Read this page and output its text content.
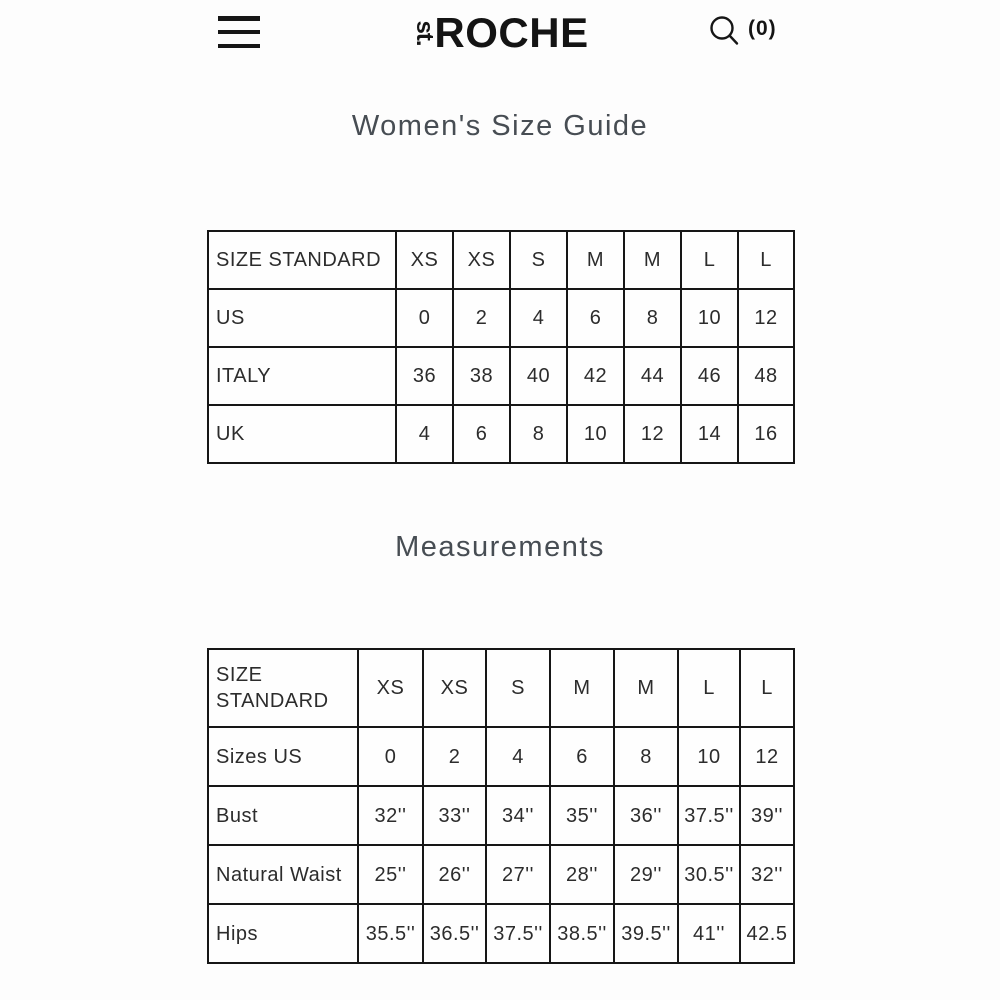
st.
ROCHE	(0)
Women's Size Guide
SIZE STANDARD	XS	XS	S	M	M	L	L
US	0	2	4	6	8	10	12
ITALY	36	38	40	42	44	46	48
UK	4	6	8	10	12	14	16
Measurements
SIZE STANDARD	XS	XS	S	M	M	L	L
Sizes US	0	2	4	6	8	10	12
Bust	32''	33''	34''	35''	36''	37.5''	39''
Natural Waist	25''	26''	27''	28''	29''	30.5''	32''
Hips	35.5''	36.5''	37.5''	38.5''	39.5''	41''	42.5
